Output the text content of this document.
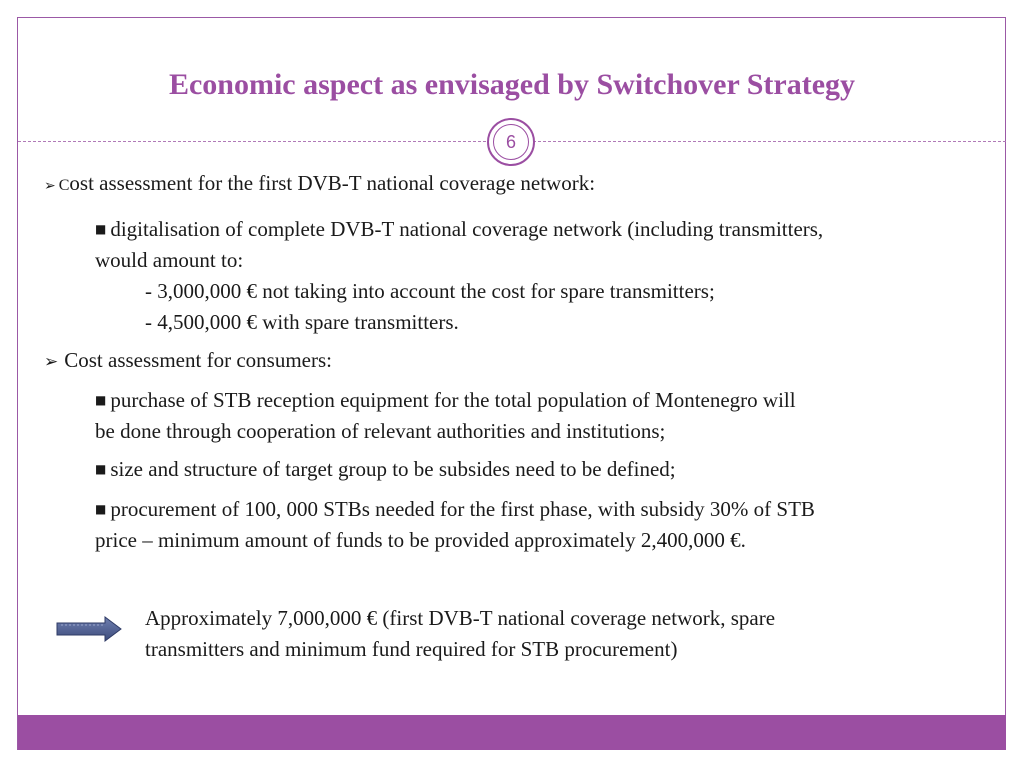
Economic aspect as envisaged by Switchover Strategy
6
➢ Cost assessment for the first DVB-T national coverage network:
■ digitalisation of complete DVB-T national coverage network (including transmitters,
would amount to:
- 3,000,000 € not taking into account the cost for spare transmitters;
- 4,500,000 € with spare transmitters.
➢ Cost assessment for consumers:
■ purchase of STB reception equipment for the total population of Montenegro will
be done through cooperation of relevant authorities and institutions;
■ size and structure of target group to be subsides need to be defined;
■ procurement of 100, 000 STBs needed for the first phase, with subsidy 30% of STB
price – minimum amount of funds to be provided approximately 2,400,000 €.
Approximately 7,000,000 € (first DVB-T national coverage network, spare
transmitters and minimum fund required for STB procurement)
